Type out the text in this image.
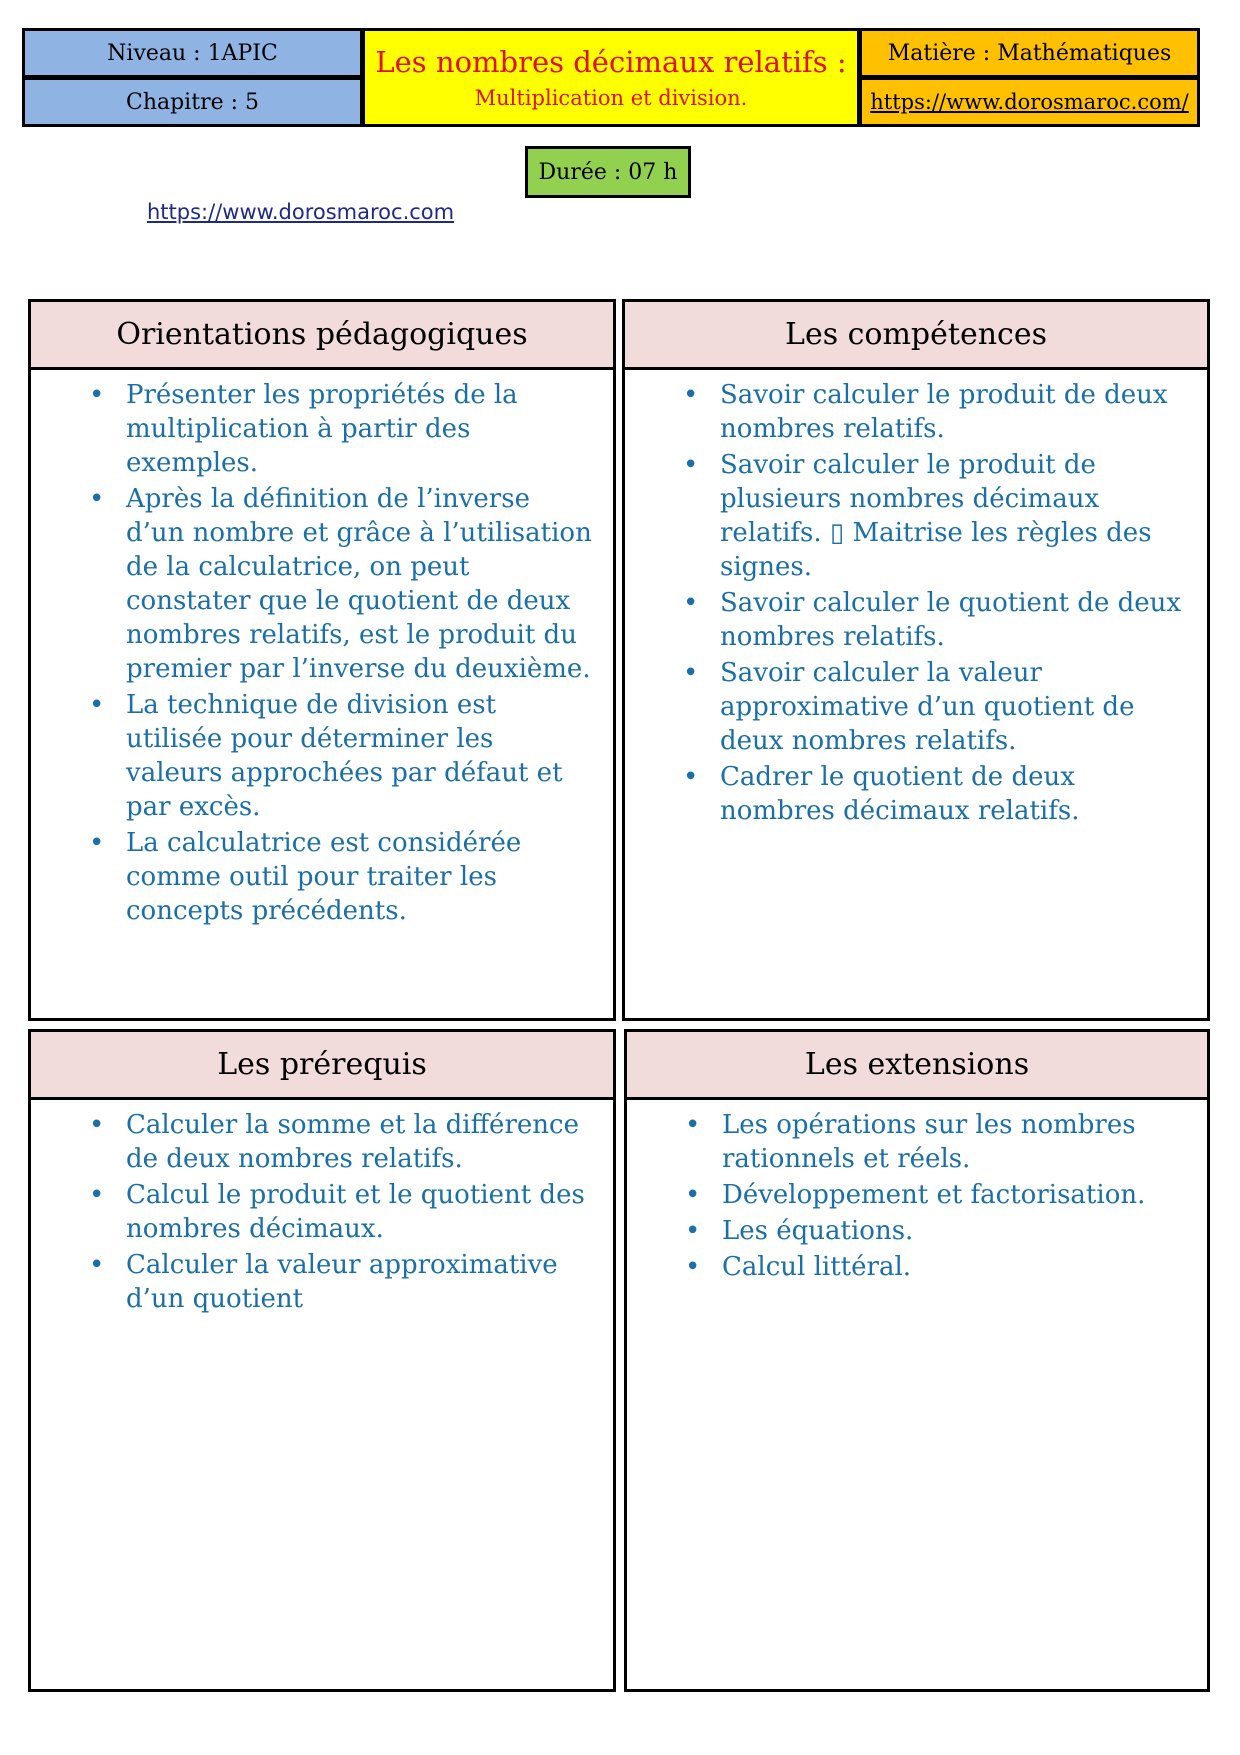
Niveau : 1APIC
Chapitre : 5
Les nombres décimaux relatifs :
Multiplication et division.
Matière : Mathématiques
https://www.dorosmaroc.com/
Durée : 07 h
https://www.dorosmaroc.com
Orientations pédagogiques
• Présenter les propriétés de la multiplication à partir des exemples.
• Après la définition de l’inverse d’un nombre et grâce à l’utilisation de la calculatrice, on peut constater que le quotient de deux nombres relatifs, est le produit du premier par l’inverse du deuxième.
• La technique de division est utilisée pour déterminer les valeurs approchées par défaut et par excès.
• La calculatrice est considérée comme outil pour traiter les concepts précédents.
Les compétences
• Savoir calculer le produit de deux nombres relatifs.
• Savoir calculer le produit de plusieurs nombres décimaux relatifs. ▯ Maitrise les règles des signes.
• Savoir calculer le quotient de deux nombres relatifs.
• Savoir calculer la valeur approximative d’un quotient de deux nombres relatifs.
• Cadrer le quotient de deux nombres décimaux relatifs.
Les prérequis
• Calculer la somme et la différence de deux nombres relatifs.
• Calcul le produit et le quotient des nombres décimaux.
• Calculer la valeur approximative d’un quotient
Les extensions
• Les opérations sur les nombres rationnels et réels.
• Développement et factorisation.
• Les équations.
• Calcul littéral.
